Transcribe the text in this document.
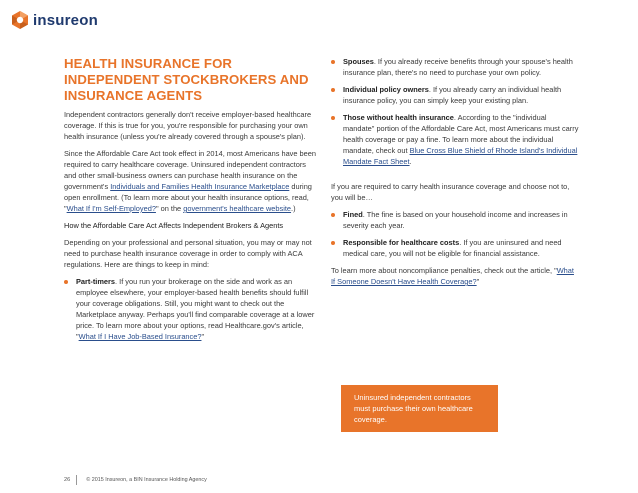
insureon
HEALTH INSURANCE FOR INDEPENDENT STOCKBROKERS AND INSURANCE AGENTS

Independent contractors generally don't receive employer-based healthcare coverage. If this is true for you, you're responsible for purchasing your own health insurance (unless you're already covered through a spouse's plan).

Since the Affordable Care Act took effect in 2014, most Americans have been required to carry healthcare coverage. Uninsured independent contractors and other small-business owners can purchase health insurance on the government's Individuals and Families Health Insurance Marketplace during open enrollment. (To learn more about your health insurance options, read, "What If I'm Self-Employed?" on the government's healthcare website.)

How the Affordable Care Act Affects Independent Brokers & Agents

Depending on your professional and personal situation, you may or may not need to purchase health insurance coverage in order to comply with ACA regulations. Here are things to keep in mind:

Part-timers. If you run your brokerage on the side and work as an employee elsewhere, your employer-based health benefits should fulfill your coverage obligations. Still, you might want to check out the Marketplace anyway. Perhaps you'll find comparable coverage at a lower price. To learn more about your options, read Healthcare.gov's article, "What If I Have Job-Based Insurance?"
Spouses. If you already receive benefits through your spouse's health insurance plan, there's no need to purchase your own policy.
Individual policy owners. If you already carry an individual health insurance policy, you can simply keep your existing plan.
Those without health insurance. According to the "individual mandate" portion of the Affordable Care Act, most Americans must carry health coverage or pay a fine. To learn more about the individual mandate, check out Blue Cross Blue Shield of Rhode Island's Individual Mandate Fact Sheet.

If you are required to carry health insurance coverage and choose not to, you will be…

Fined. The fine is based on your household income and increases in severity each year.
Responsible for healthcare costs. If you are uninsured and need medical care, you will not be eligible for financial assistance.

To learn more about noncompliance penalties, check out the article, "What If Someone Doesn't Have Health Coverage?"

Uninsured independent contractors must purchase their own healthcare coverage.
26	© 2015 Insureon, a BIN Insurance Holding Agency
